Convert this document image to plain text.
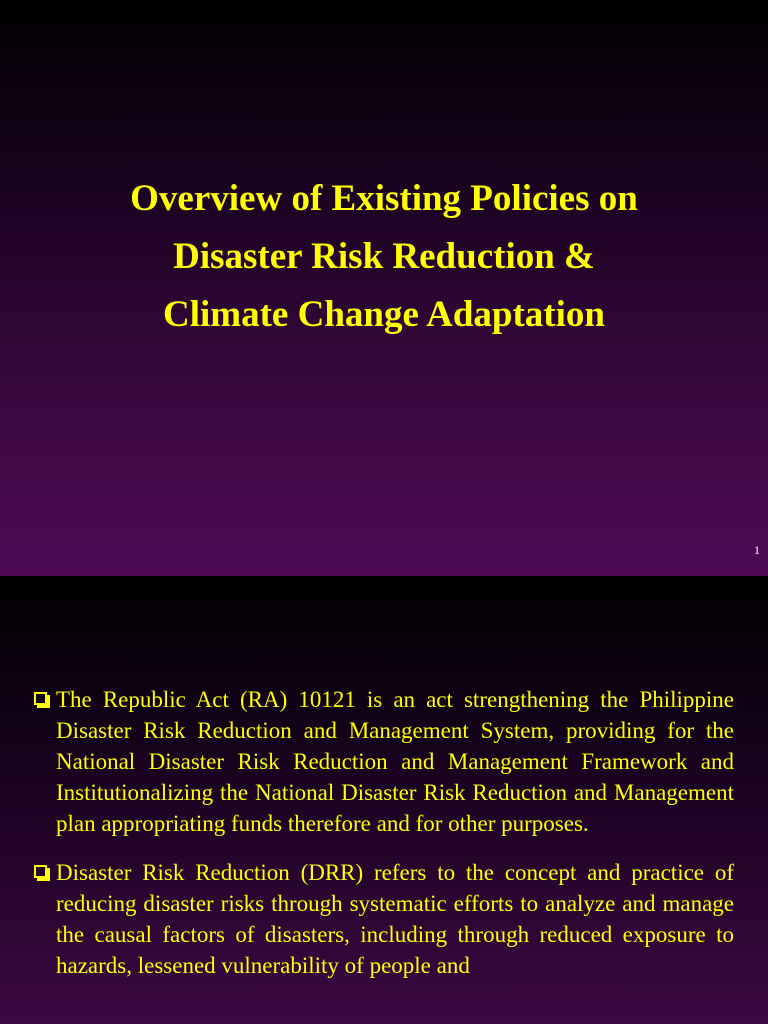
Overview of Existing Policies on
Disaster Risk Reduction &
Climate Change Adaptation
1
The Republic Act (RA) 10121 is an act strengthening the Philippine Disaster Risk Reduction and Management System, providing for the National Disaster Risk Reduction and Management Framework and Institutionalizing the National Disaster Risk Reduction and Management plan appropriating funds therefore and for other purposes.
Disaster Risk Reduction (DRR) refers to the concept and practice of reducing disaster risks through systematic efforts to analyze and manage the causal factors of disasters, including through reduced exposure to hazards, lessened vulnerability of people and
